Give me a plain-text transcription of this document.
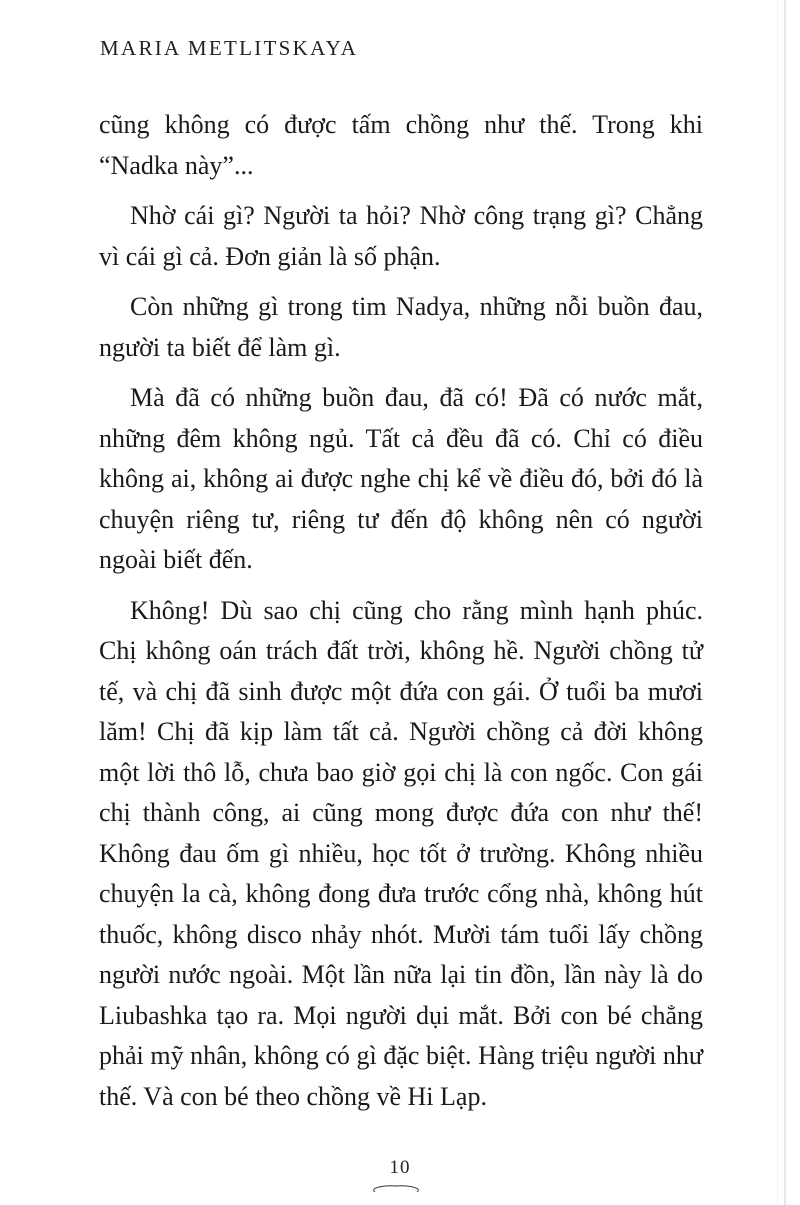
MARIA METLITSKAYA

cũng không có được tấm chồng như thế. Trong khi “Nadka này”...

Nhờ cái gì? Người ta hỏi? Nhờ công trạng gì? Chẳng vì cái gì cả. Đơn giản là số phận.

Còn những gì trong tim Nadya, những nỗi buồn đau, người ta biết để làm gì.

Mà đã có những buồn đau, đã có! Đã có nước mắt, những đêm không ngủ. Tất cả đều đã có. Chỉ có điều không ai, không ai được nghe chị kể về điều đó, bởi đó là chuyện riêng tư, riêng tư đến độ không nên có người ngoài biết đến.

Không! Dù sao chị cũng cho rằng mình hạnh phúc. Chị không oán trách đất trời, không hề. Người chồng tử tế, và chị đã sinh được một đứa con gái. Ở tuổi ba mươi lăm! Chị đã kịp làm tất cả. Người chồng cả đời không một lời thô lỗ, chưa bao giờ gọi chị là con ngốc. Con gái chị thành công, ai cũng mong được đứa con như thế! Không đau ốm gì nhiều, học tốt ở trường. Không nhiều chuyện la cà, không đong đưa trước cổng nhà, không hút thuốc, không disco nhảy nhót. Mười tám tuổi lấy chồng người nước ngoài. Một lần nữa lại tin đồn, lần này là do Liubashka tạo ra. Mọi người dụi mắt. Bởi con bé chẳng phải mỹ nhân, không có gì đặc biệt. Hàng triệu người như thế. Và con bé theo chồng về Hi Lạp.

10
